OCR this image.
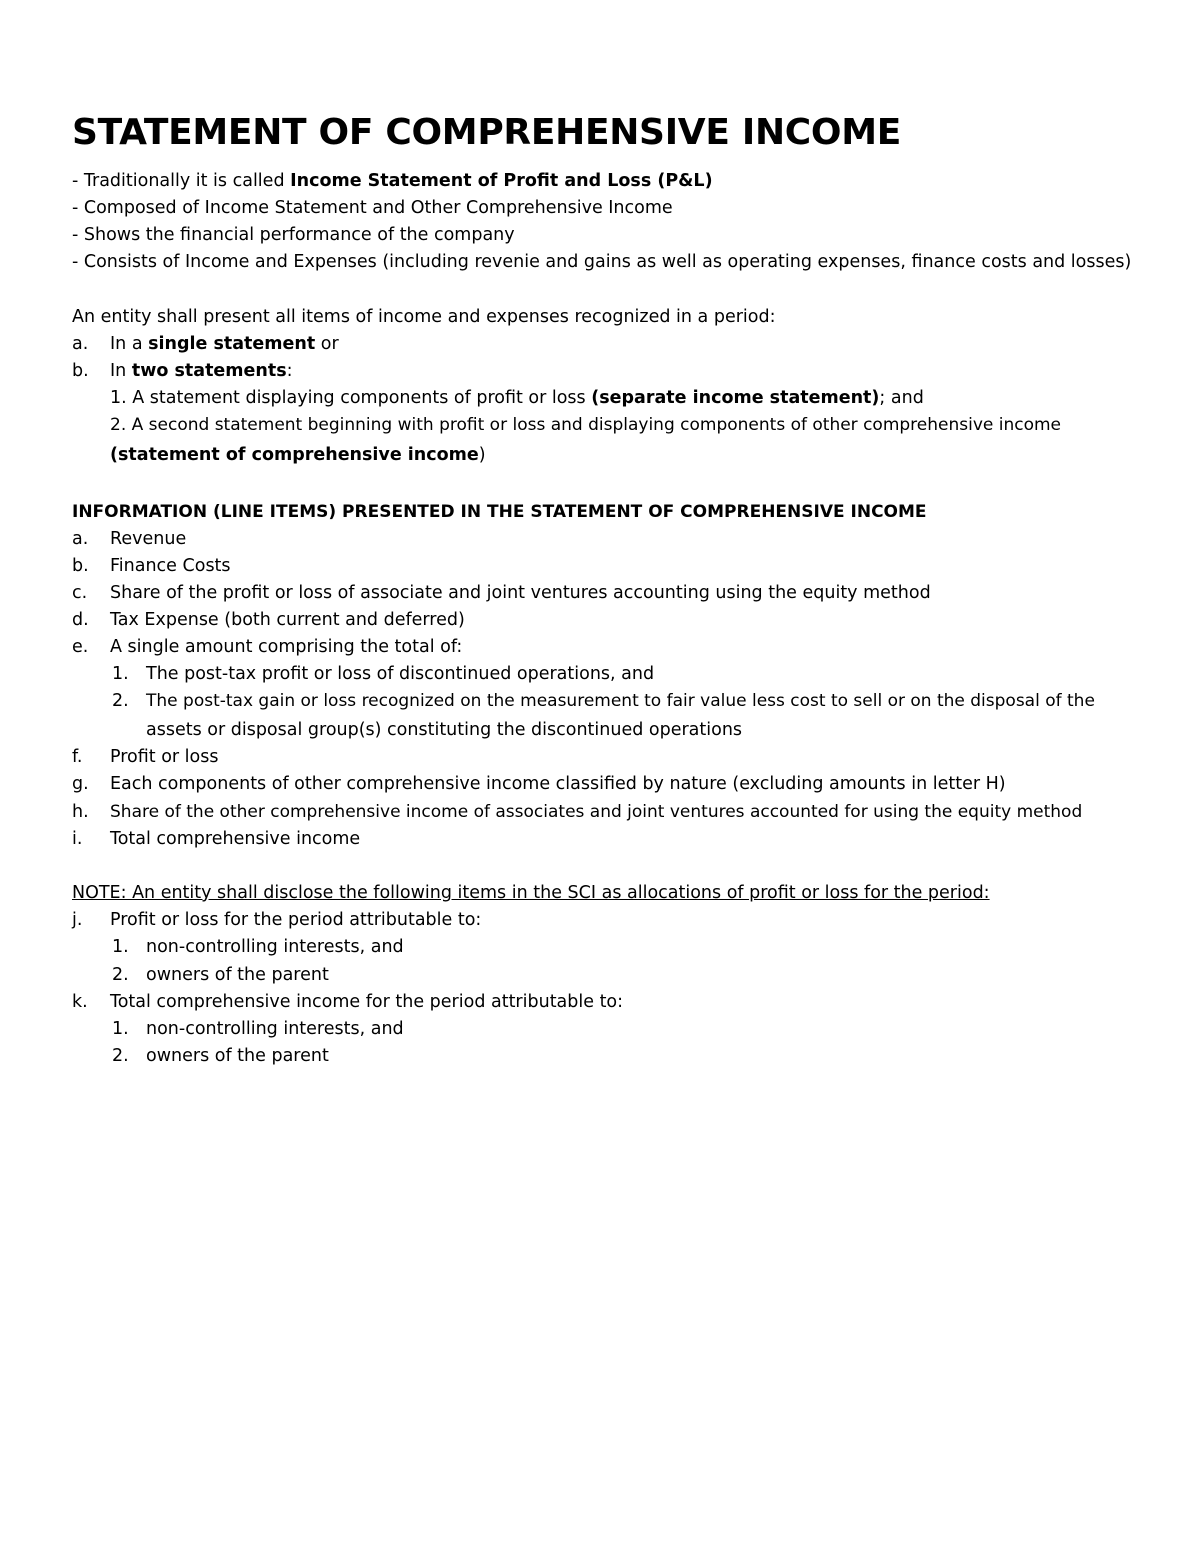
STATEMENT OF COMPREHENSIVE INCOME
- Traditionally it is called Income Statement of Profit and Loss (P&L)
- Composed of Income Statement and Other Comprehensive Income
- Shows the financial performance of the company
- Consists of Income and Expenses (including revenie and gains as well as operating expenses, finance costs and losses)
An entity shall present all items of income and expenses recognized in a period:
a. In a single statement or
b. In two statements:
1. A statement displaying components of profit or loss (separate income statement); and
2. A second statement beginning with profit or loss and displaying components of other comprehensive income
(statement of comprehensive income)
INFORMATION (LINE ITEMS) PRESENTED IN THE STATEMENT OF COMPREHENSIVE INCOME
a. Revenue
b. Finance Costs
c. Share of the profit or loss of associate and joint ventures accounting using the equity method
d. Tax Expense (both current and deferred)
e. A single amount comprising the total of:
1. The post-tax profit or loss of discontinued operations, and
2. The post-tax gain or loss recognized on the measurement to fair value less cost to sell or on the disposal of the
assets or disposal group(s) constituting the discontinued operations
f. Profit or loss
g. Each components of other comprehensive income classified by nature (excluding amounts in letter H)
h. Share of the other comprehensive income of associates and joint ventures accounted for using the equity method
i. Total comprehensive income
NOTE: An entity shall disclose the following items in the SCI as allocations of profit or loss for the period:
j. Profit or loss for the period attributable to:
1. non-controlling interests, and
2. owners of the parent
k. Total comprehensive income for the period attributable to:
1. non-controlling interests, and
2. owners of the parent
